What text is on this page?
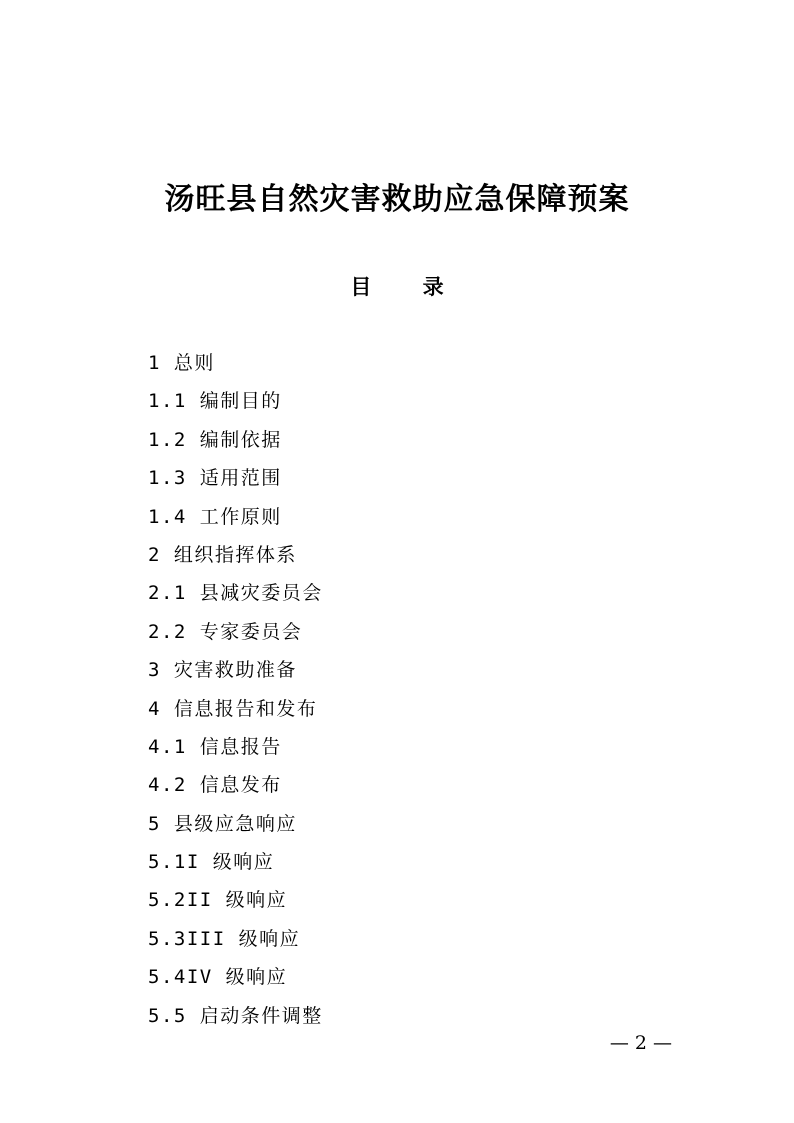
汤旺县自然灾害救助应急保障预案
目 录
1 总则
1.1 编制目的
1.2 编制依据
1.3 适用范围
1.4 工作原则
2 组织指挥体系
2.1 县减灾委员会
2.2 专家委员会
3 灾害救助准备
4 信息报告和发布
4.1 信息报告
4.2 信息发布
5 县级应急响应
5.1I 级响应
5.2II 级响应
5.3III 级响应
5.4IV 级响应
5.5 启动条件调整
— 2 —
